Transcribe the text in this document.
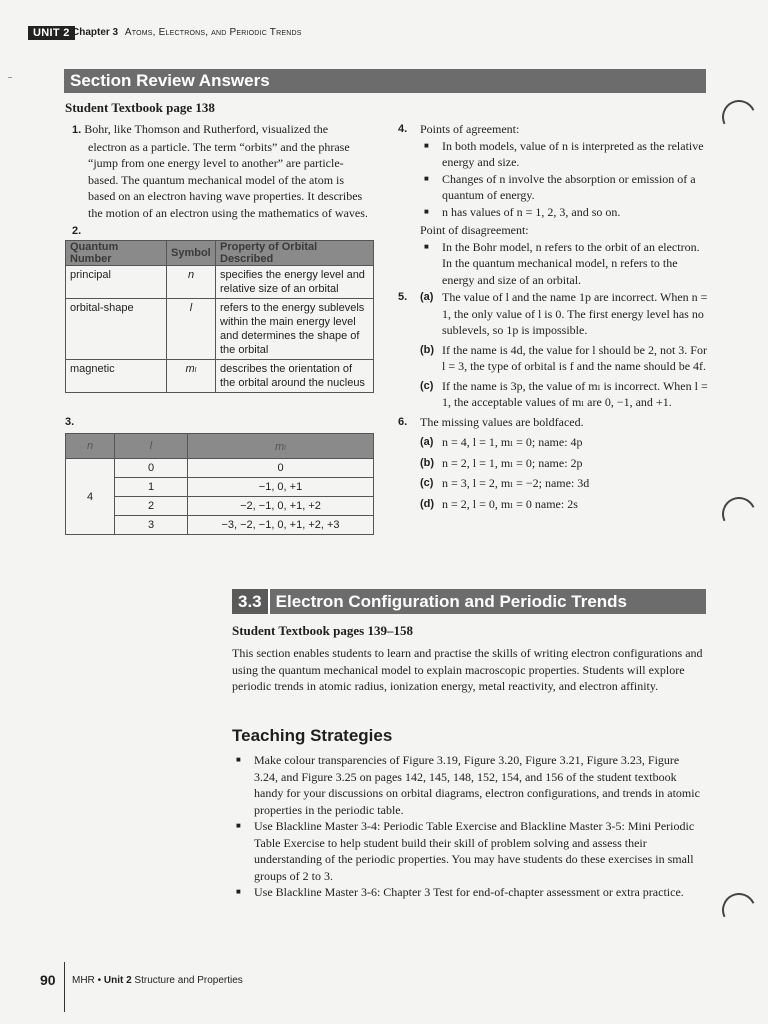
UNIT 2 Chapter 3 Atoms, Electrons, and Periodic Trends
Section Review Answers
Student Textbook page 138
1. Bohr, like Thomson and Rutherford, visualized the electron as a particle. The term “orbits” and the phrase “jump from one energy level to another” are particle-based. The quantum mechanical model of the atom is based on an electron having wave properties. It describes the motion of an electron using the mathematics of waves.
2.
Quantum Number	Symbol	Property of Orbital Described
principal	n	specifies the energy level and relative size of an orbital
orbital-shape	l	refers to the energy sublevels within the main energy level and determines the shape of the orbital
magnetic	mₗ	describes the orientation of the orbital around the nucleus
3.
n	l	mₗ
4	0	0
	1	−1, 0, +1
	2	−2, −1, 0, +1, +2
	3	−3, −2, −1, 0, +1, +2, +3
4. Points of agreement:
■ In both models, value of n is interpreted as the relative energy and size.
■ Changes of n involve the absorption or emission of a quantum of energy.
■ n has values of n = 1, 2, 3, and so on.
Point of disagreement:
■ In the Bohr model, n refers to the orbit of an electron. In the quantum mechanical model, n refers to the energy and size of an orbital.
5. (a) The value of l and the name 1p are incorrect. When n = 1, the only value of l is 0. The first energy level has no sublevels, so 1p is impossible.
(b) If the name is 4d, the value for l should be 2, not 3. For l = 3, the type of orbital is f and the name should be 4f.
(c) If the name is 3p, the value of mₗ is incorrect. When l = 1, the acceptable values of mₗ are 0, −1, and +1.
6. The missing values are boldfaced.
(a) n = 4, l = 1, mₗ = 0; name: 4p
(b) n = 2, l = 1, mₗ = 0; name: 2p
(c) n = 3, l = 2, mₗ = −2; name: 3d
(d) n = 2, l = 0, mₗ = 0 name: 2s
3.3 Electron Configuration and Periodic Trends
Student Textbook pages 139–158
This section enables students to learn and practise the skills of writing electron configurations and using the quantum mechanical model to explain macroscopic properties. Students will explore periodic trends in atomic radius, ionization energy, metal reactivity, and electron affinity.
Teaching Strategies
■ Make colour transparencies of Figure 3.19, Figure 3.20, Figure 3.21, Figure 3.23, Figure 3.24, and Figure 3.25 on pages 142, 145, 148, 152, 154, and 156 of the student textbook handy for your discussions on orbital diagrams, electron configurations, and trends in atomic properties in the periodic table.
■ Use Blackline Master 3-4: Periodic Table Exercise and Blackline Master 3-5: Mini Periodic Table Exercise to help student build their skill of problem solving and assess their understanding of the periodic properties. You may have students do these exercises in small groups of 2 to 3.
■ Use Blackline Master 3-6: Chapter 3 Test for end-of-chapter assessment or extra practice.
90 MHR • Unit 2 Structure and Properties
